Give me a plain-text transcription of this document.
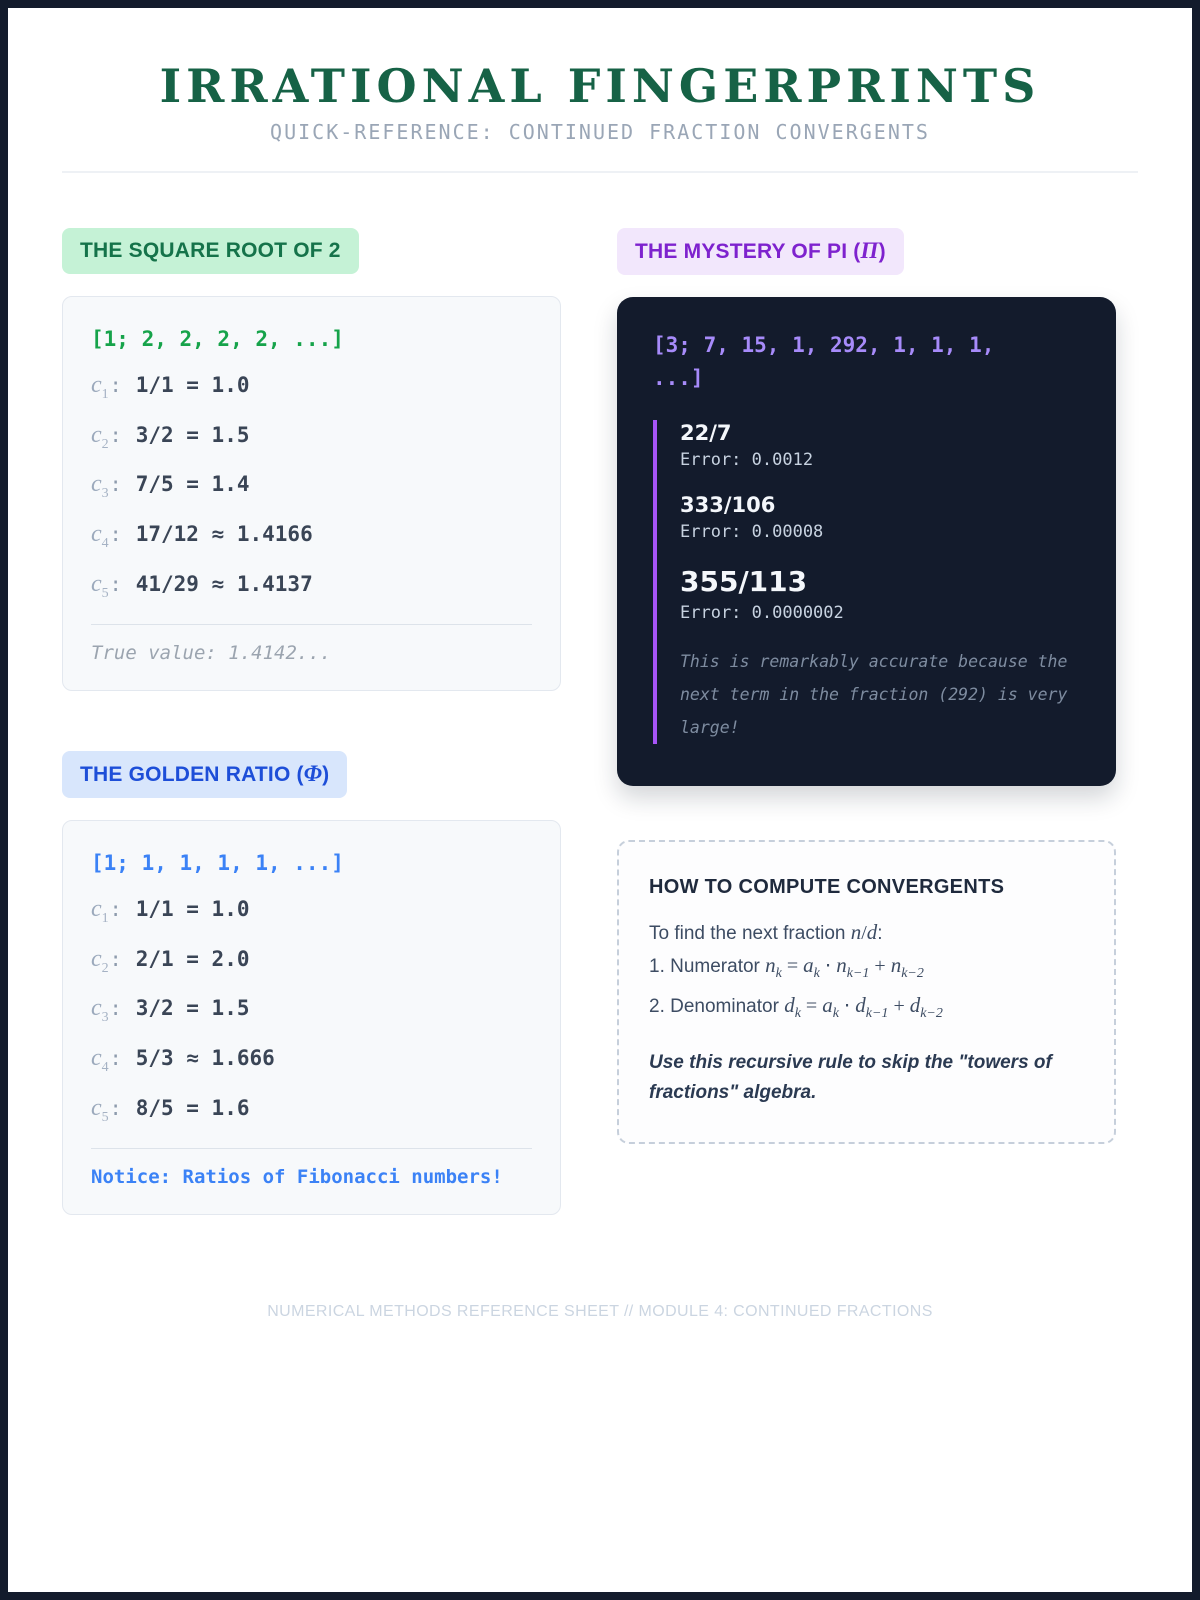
IRRATIONAL FINGERPRINTS
QUICK-REFERENCE: CONTINUED FRACTION CONVERGENTS
THE SQUARE ROOT OF 2
[1; 2, 2, 2, 2, ...]
$c_1$ : 1/1 = 1.0
$c_2$ : 3/2 = 1.5
$c_3$ : 7/5 = 1.4
$c_4$ : 17/12 ≈ 1.4166
$c_5$ : 41/29 ≈ 1.4137
True value: 1.4142...
THE GOLDEN RATIO (Φ)
[1; 1, 1, 1, 1, ...]
$c_1$ : 1/1 = 1.0
$c_2$ : 2/1 = 2.0
$c_3$ : 3/2 = 1.5
$c_4$ : 5/3 ≈ 1.666
$c_5$ : 8/5 = 1.6
Notice: Ratios of Fibonacci numbers!
THE MYSTERY OF PI (Π)
[3; 7, 15, 1, 292, 1, 1, 1,
...]
22/7
Error: 0.0012
333/106
Error: 0.00008
355/113
Error: 0.0000002
This is remarkably accurate because the
next term in the fraction (292) is very
large!
HOW TO COMPUTE CONVERGENTS
To find the next fraction n/d:
1. Numerator $n_k = a_k \cdot n_{k-1} + n_{k-2}$
2. Denominator $d_k = a_k \cdot d_{k-1} + d_{k-2}$
Use this recursive rule to skip the "towers of fractions" algebra.
NUMERICAL METHODS REFERENCE SHEET // MODULE 4: CONTINUED FRACTIONS
